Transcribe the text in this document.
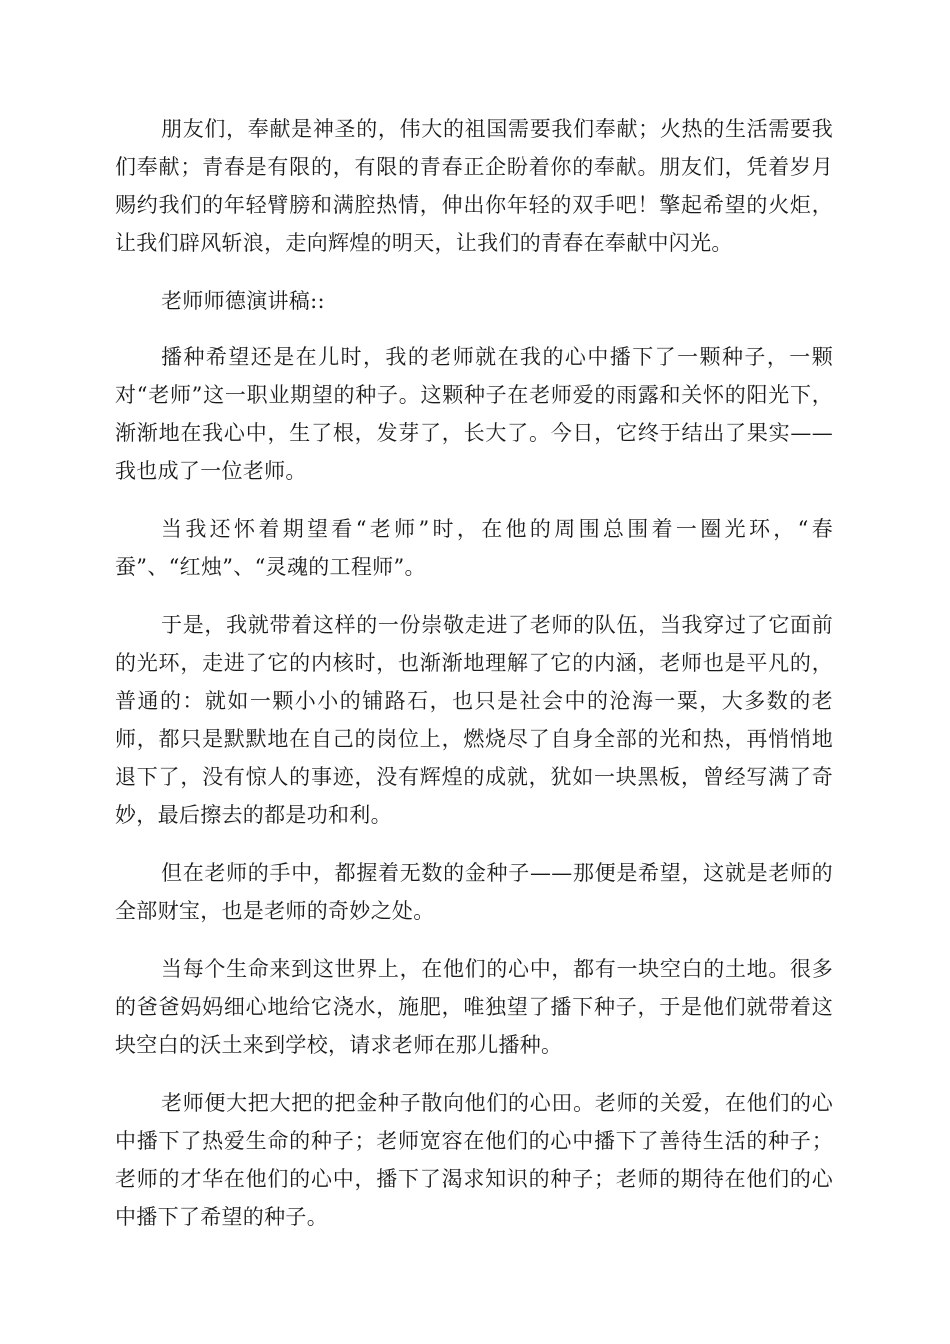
朋友们，奉献是神圣的，伟大的祖国需要我们奉献；火热的生活需要我们奉献；青春是有限的，有限的青春正企盼着你的奉献。朋友们，凭着岁月赐约我们的年轻臂膀和满腔热情，伸出你年轻的双手吧！擎起希望的火炬，让我们辟风斩浪，走向辉煌的明天，让我们的青春在奉献中闪光。

老师师德演讲稿::

播种希望还是在儿时，我的老师就在我的心中播下了一颗种子，一颗对“老师”这一职业期望的种子。这颗种子在老师爱的雨露和关怀的阳光下，渐渐地在我心中，生了根，发芽了，长大了。今日，它终于结出了果实——我也成了一位老师。

当我还怀着期望看“老师”时，在他的周围总围着一圈光环，“春蚕”、“红烛”、“灵魂的工程师”。

于是，我就带着这样的一份崇敬走进了老师的队伍，当我穿过了它面前的光环，走进了它的内核时，也渐渐地理解了它的内涵，老师也是平凡的，普通的：就如一颗小小的铺路石，也只是社会中的沧海一粟，大多数的老师，都只是默默地在自己的岗位上，燃烧尽了自身全部的光和热，再悄悄地退下了，没有惊人的事迹，没有辉煌的成就，犹如一块黑板，曾经写满了奇妙，最后擦去的都是功和利。

但在老师的手中，都握着无数的金种子——那便是希望，这就是老师的全部财宝，也是老师的奇妙之处。

当每个生命来到这世界上，在他们的心中，都有一块空白的土地。很多的爸爸妈妈细心地给它浇水，施肥，唯独望了播下种子，于是他们就带着这块空白的沃土来到学校，请求老师在那儿播种。

老师便大把大把的把金种子散向他们的心田。老师的关爱，在他们的心中播下了热爱生命的种子；老师宽容在他们的心中播下了善待生活的种子；老师的才华在他们的心中，播下了渴求知识的种子；老师的期待在他们的心中播下了希望的种子。
